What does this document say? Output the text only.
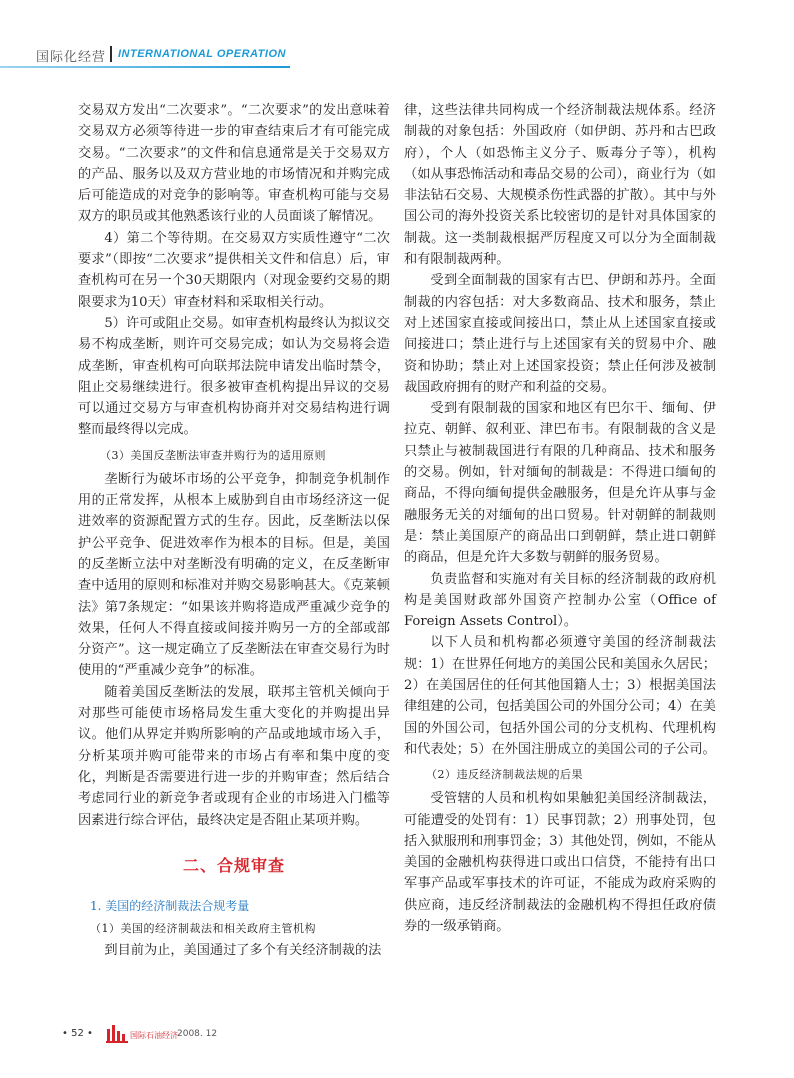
国际化经营 INTERNATIONAL OPERATION

交易双方发出“二次要求”。“二次要求”的发出意味着交易双方必须等待进一步的审查结束后才有可能完成交易。“二次要求”的文件和信息通常是关于交易双方的产品、服务以及双方营业地的市场情况和并购完成后可能造成的对竞争的影响等。审查机构可能与交易双方的职员或其他熟悉该行业的人员面谈了解情况。

4）第二个等待期。在交易双方实质性遵守“二次要求”（即按“二次要求”提供相关文件和信息）后，审查机构可在另一个30天期限内（对现金要约交易的期限要求为10天）审查材料和采取相关行动。

5）许可或阻止交易。如审查机构最终认为拟议交易不构成垄断，则许可交易完成；如认为交易将会造成垄断，审查机构可向联邦法院申请发出临时禁令，阻止交易继续进行。很多被审查机构提出异议的交易可以通过交易方与审查机构协商并对交易结构进行调整而最终得以完成。

（3）美国反垄断法审查并购行为的适用原则

垄断行为破坏市场的公平竞争，抑制竞争机制作用的正常发挥，从根本上威胁到自由市场经济这一促进效率的资源配置方式的生存。因此，反垄断法以保护公平竞争、促进效率作为根本的目标。但是，美国的反垄断立法中对垄断没有明确的定义，在反垄断审查中适用的原则和标准对并购交易影响甚大。《克莱顿法》第7条规定：“如果该并购将造成严重减少竞争的效果，任何人不得直接或间接并购另一方的全部或部分资产”。这一规定确立了反垄断法在审查交易行为时使用的“严重减少竞争”的标准。

随着美国反垄断法的发展，联邦主管机关倾向于对那些可能使市场格局发生重大变化的并购提出异议。他们从界定并购所影响的产品或地域市场入手，分析某项并购可能带来的市场占有率和集中度的变化，判断是否需要进行进一步的并购审查；然后结合考虑同行业的新竞争者或现有企业的市场进入门槛等因素进行综合评估，最终决定是否阻止某项并购。

二、合规审查

1. 美国的经济制裁法合规考量

（1）美国的经济制裁法和相关政府主管机构

到目前为止，美国通过了多个有关经济制裁的法

律，这些法律共同构成一个经济制裁法规体系。经济制裁的对象包括：外国政府（如伊朗、苏丹和古巴政府），个人（如恐怖主义分子、贩毒分子等），机构（如从事恐怖活动和毒品交易的公司），商业行为（如非法钻石交易、大规模杀伤性武器的扩散）。其中与外国公司的海外投资关系比较密切的是针对具体国家的制裁。这一类制裁根据严厉程度又可以分为全面制裁和有限制裁两种。

受到全面制裁的国家有古巴、伊朗和苏丹。全面制裁的内容包括：对大多数商品、技术和服务，禁止对上述国家直接或间接出口，禁止从上述国家直接或间接进口；禁止进行与上述国家有关的贸易中介、融资和协助；禁止对上述国家投资；禁止任何涉及被制裁国政府拥有的财产和利益的交易。

受到有限制裁的国家和地区有巴尔干、缅甸、伊拉克、朝鲜、叙利亚、津巴布韦。有限制裁的含义是只禁止与被制裁国进行有限的几种商品、技术和服务的交易。例如，针对缅甸的制裁是：不得进口缅甸的商品，不得向缅甸提供金融服务，但是允许从事与金融服务无关的对缅甸的出口贸易。针对朝鲜的制裁则是：禁止美国原产的商品出口到朝鲜，禁止进口朝鲜的商品，但是允许大多数与朝鲜的服务贸易。

负责监督和实施对有关目标的经济制裁的政府机构是美国财政部外国资产控制办公室（Office of Foreign Assets Control）。

以下人员和机构都必须遵守美国的经济制裁法规：1）在世界任何地方的美国公民和美国永久居民；2）在美国居住的任何其他国籍人士；3）根据美国法律组建的公司，包括美国公司的外国分公司；4）在美国的外国公司，包括外国公司的分支机构、代理机构和代表处；5）在外国注册成立的美国公司的子公司。

（2）违反经济制裁法规的后果

受管辖的人员和机构如果触犯美国经济制裁法，可能遭受的处罚有：1）民事罚款；2）刑事处罚，包括入狱服刑和刑事罚金；3）其他处罚，例如，不能从美国的金融机构获得进口或出口信贷，不能持有出口军事产品或军事技术的许可证，不能成为政府采购的供应商，违反经济制裁法的金融机构不得担任政府债券的一级承销商。

• 52 •	国际石油经济 2008. 12
